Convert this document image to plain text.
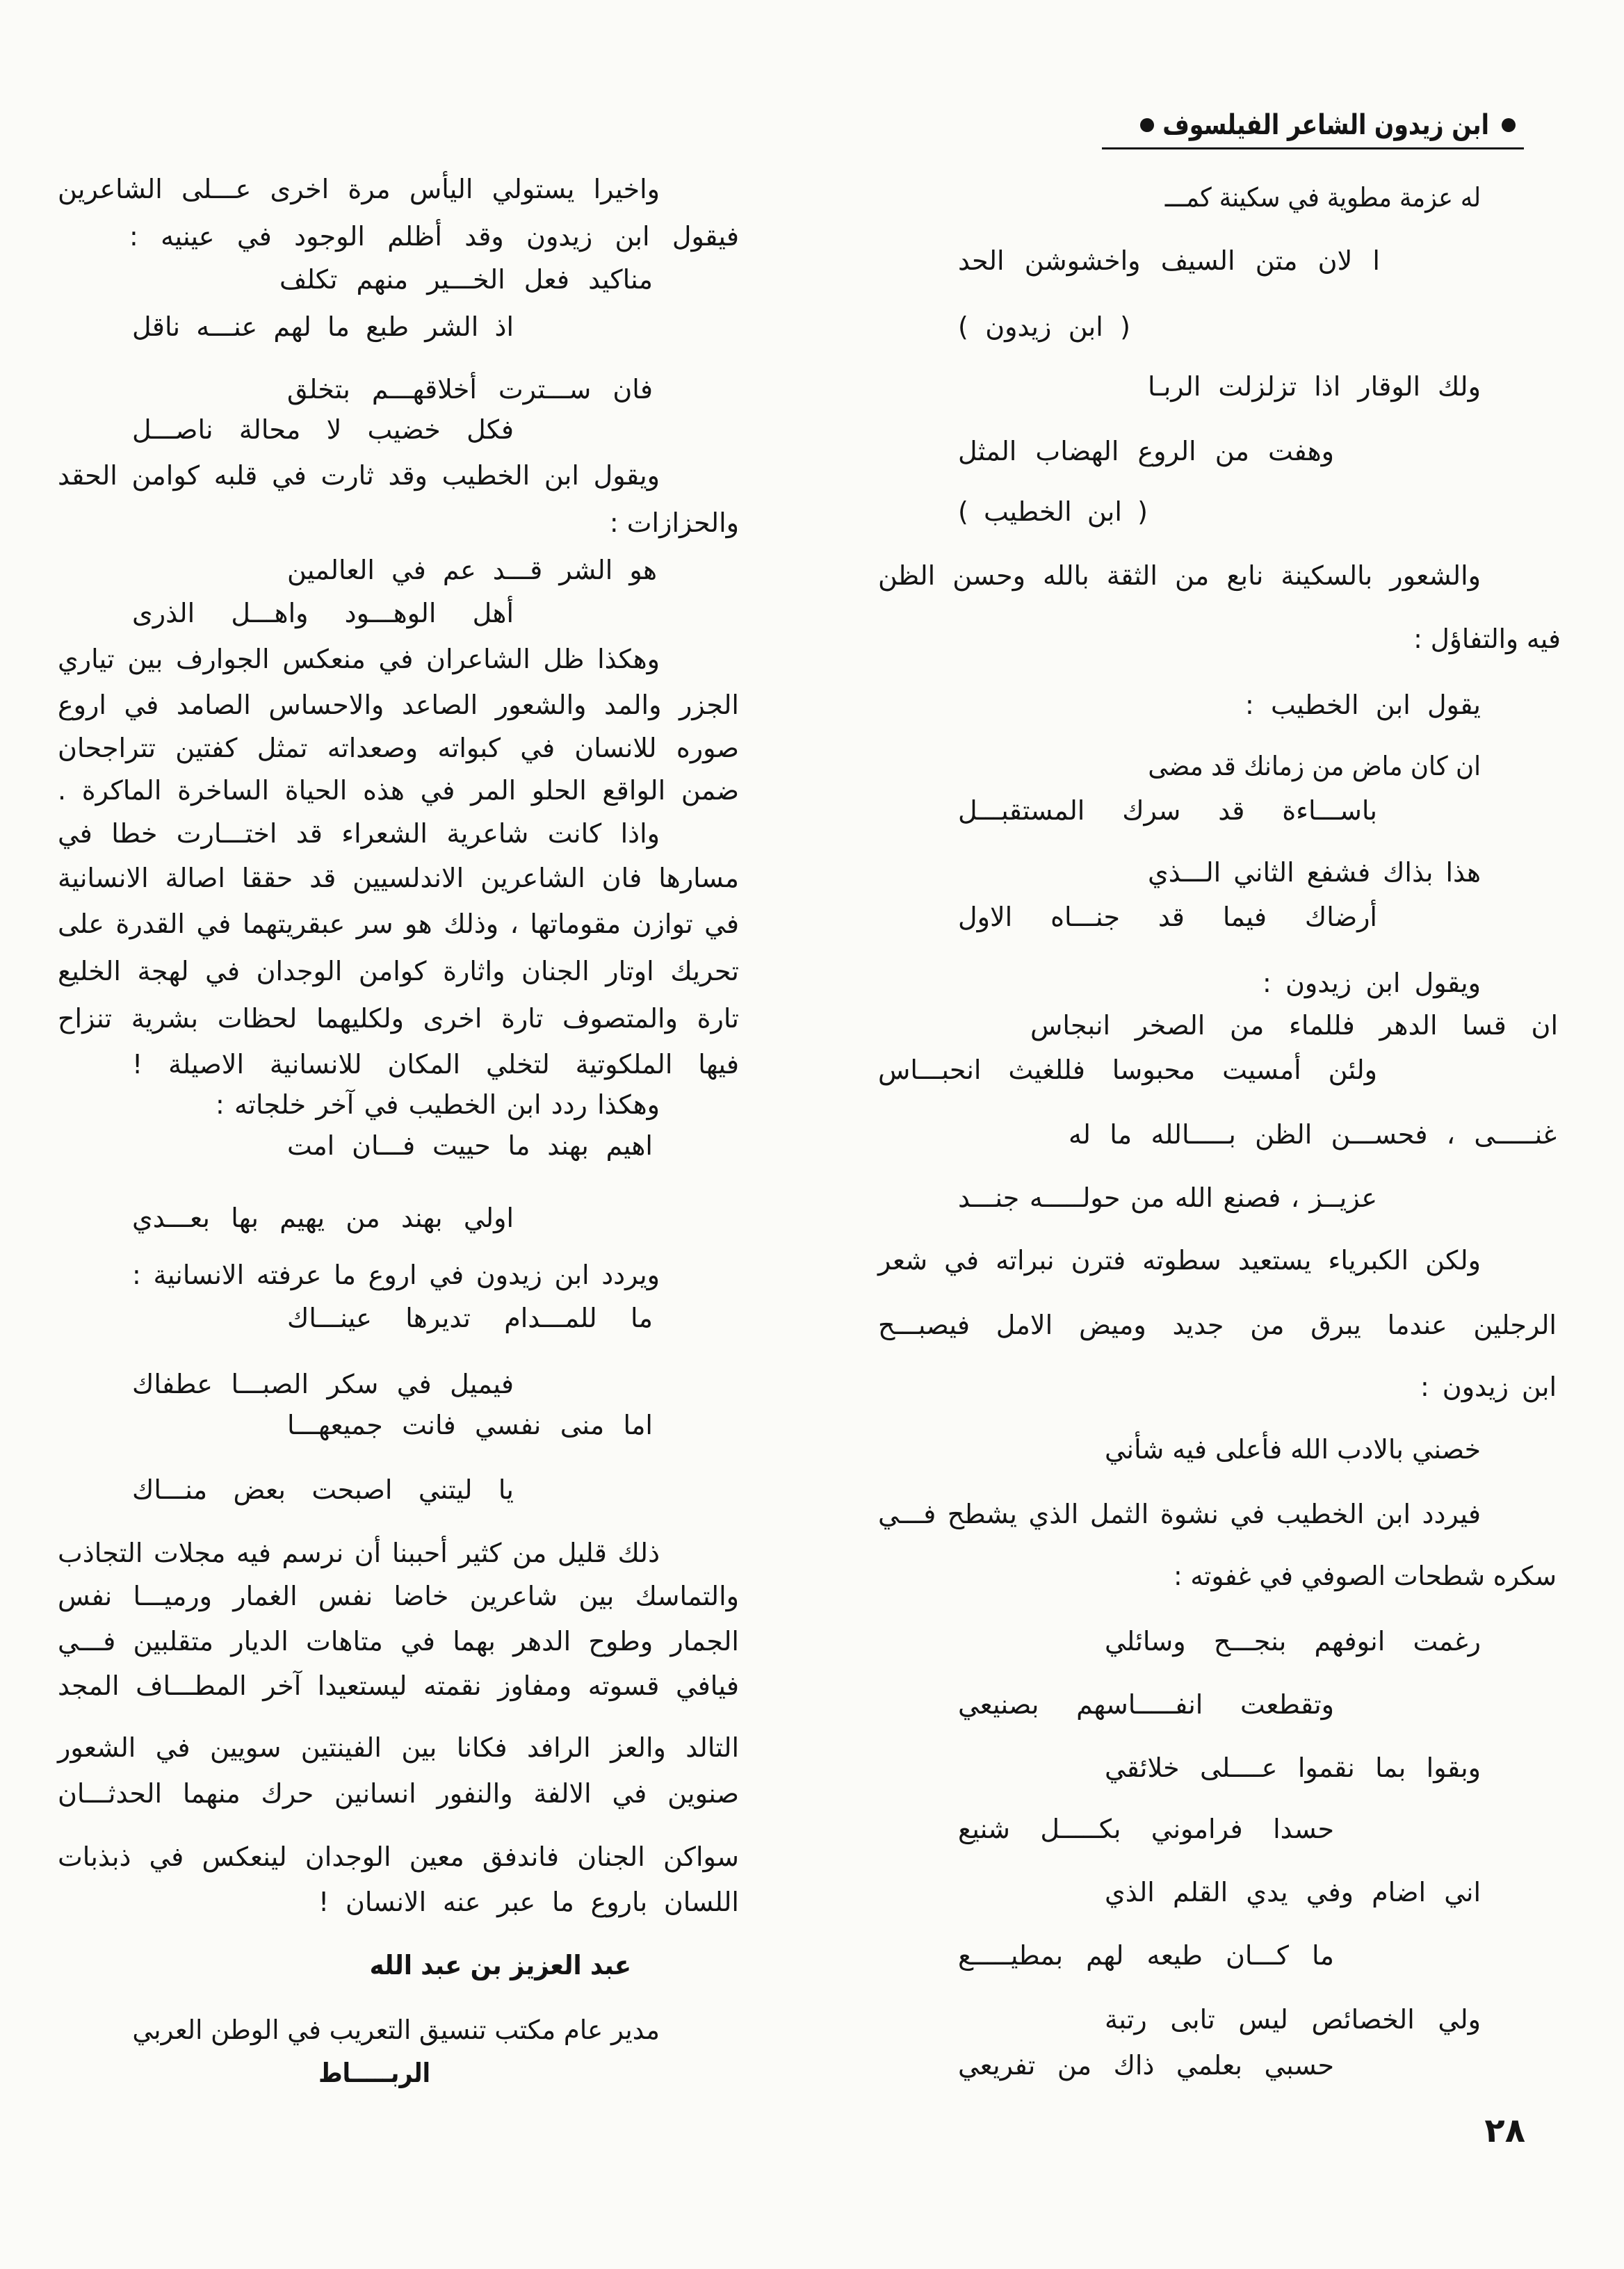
ابن زيدون الشاعر الفيلسوف
له عزمة مطوية في سكينة كمـــ
ا لان متن السيف واخشوشن الحد
( ابن زيدون )
ولك الوقار اذا تزلزلت الربـا
وهفت من الروع الهضاب المثل
( ابن الخطيب )
والشعور بالسكينة نابع من الثقة بالله وحسن الظن
فيه والتفاؤل :
يقول ابن الخطيب :
ان كان ماض من زمانك قد مضى
باســـاءة قد سرك المستقبـــل
هذا بذاك فشفع الثاني الـــذي
أرضاك فيما قد جنـــاه الاول
ويقول ابن زيدون :
ان قسا الدهر فللماء من الصخر انبجاس
ولئن أمسيت محبوسا فللغيث انحبـــاس
غنـــــى ، فحســـن الظن بـــــالله ما له
عزيــز ، فصنع الله من حولـــــه جنـــد
ولكن الكبرياء يستعيد سطوته فترن نبراته في شعر
الرجلين عندما يبرق من جديد وميض الامل فيصبـــح
ابن زيدون :
خصني بالادب الله فأعلى فيه شأني
فيردد ابن الخطيب في نشوة الثمل الذي يشطح فـــي
سكره شطحات الصوفي في غفوته :
رغمت انوفهم بنجـــح وسائلي
وتقطعت انفـــــاسهم بصنيعي
وبقوا بما نقموا عــــلى خلائقي
حسدا فراموني بكـــــل شنيع
اني اضام وفي يدي القلم الذي
ما كـــان طيعه لهم بمطيـــــع
ولي الخصائص ليس تابى رتبة
حسبي بعلمي ذاك من تفريعي
واخيرا يستولي اليأس مرة اخرى عـــلى الشاعرين
فيقول ابن زيدون وقد أظلم الوجود في عينيه :
مناكيد فعل الخـــير منهم تكلف
اذ الشر طبع ما لهم عنـــه ناقل
فان ســـترت أخلاقهـــم بتخلق
فكل خضيب لا محالة ناصـــل
ويقول ابن الخطيب وقد ثارت في قلبه كوامن الحقد
والحزازات :
هو الشر قـــد عم في العالمين
أهل الوهـــود واهـــل الذرى
وهكذا ظل الشاعران في منعكس الجوارف بين تياري
الجزر والمد والشعور الصاعد والاحساس الصامد في اروع
صوره للانسان في كبواته وصعداته تمثل كفتين تتراجحان
ضمن الواقع الحلو المر في هذه الحياة الساخرة الماكرة .
واذا كانت شاعرية الشعراء قد اختـــارت خطا في
مسارها فان الشاعرين الاندلسيين قد حققا اصالة الانسانية
في توازن مقوماتها ، وذلك هو سر عبقريتهما في القدرة على
تحريك اوتار الجنان واثارة كوامن الوجدان في لهجة الخليع
تارة والمتصوف تارة اخرى ولكليهما لحظات بشرية تنزاح
فيها الملكوتية لتخلي المكان للانسانية الاصيلة !
وهكذا ردد ابن الخطيب في آخر خلجاته :
اهيم بهند ما حييت فـــان امت
اولي بهند من يهيم بها بعـــدي
ويردد ابن زيدون في اروع ما عرفته الانسانية :
ما للمـــدام تديرها عينـــاك
فيميل في سكر الصبـــا عطفاك
اما منى نفسي فانت جميعهـــا
يا ليتني اصبحت بعض منـــاك
ذلك قليل من كثير أحببنا أن نرسم فيه مجلات التجاذب
والتماسك بين شاعرين خاضا نفس الغمار ورميـــا نفس
الجمار وطوح الدهر بهما في متاهات الديار متقلبين فـــي
فيافي قسوته ومفاوز نقمته ليستعيدا آخر المطـــاف المجد
التالد والعز الرافد فكانا بين الفينتين سويين في الشعور
صنوين في الالفة والنفور انسانين حرك منهما الحدثـــان
سواكن الجنان فاندفق معين الوجدان لينعكس في ذبذبات
اللسان باروع ما عبر عنه الانسان !
عبد العزيز بن عبد الله
مدير عام مكتب تنسيق التعريب في الوطن العربي
الربـــــاط
٢٨
